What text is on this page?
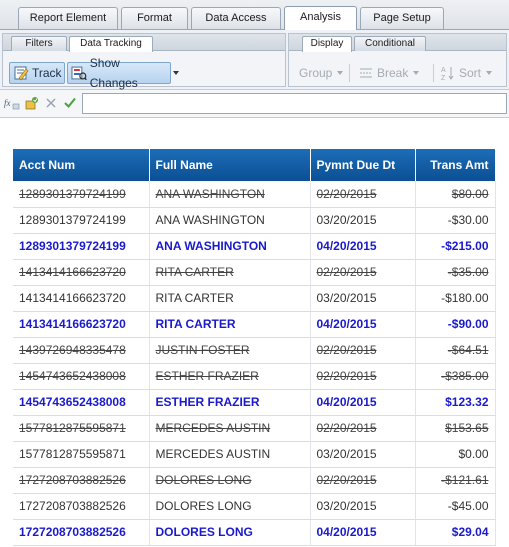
Report Element	Format	Data Access	Analysis	Page Setup
Filters	Data Tracking
Track
Show Changes
Display	Conditional
Group	Break	A
Z Sort
fx
Acct Num	Full Name	Pymnt Due Dt	Trans Amt
1289301379724199	ANA WASHINGTON	02/20/2015	$80.00
1289301379724199	ANA WASHINGTON	03/20/2015	-$30.00
1289301379724199	ANA WASHINGTON	04/20/2015	-$215.00
1413414166623720	RITA CARTER	02/20/2015	-$35.00
1413414166623720	RITA CARTER	03/20/2015	-$180.00
1413414166623720	RITA CARTER	04/20/2015	-$90.00
1439726948335478	JUSTIN FOSTER	02/20/2015	-$64.51
1454743652438008	ESTHER FRAZIER	02/20/2015	-$385.00
1454743652438008	ESTHER FRAZIER	04/20/2015	$123.32
1577812875595871	MERCEDES AUSTIN	02/20/2015	$153.65
1577812875595871	MERCEDES AUSTIN	03/20/2015	$0.00
1727208703882526	DOLORES LONG	02/20/2015	-$121.61
1727208703882526	DOLORES LONG	03/20/2015	-$45.00
1727208703882526	DOLORES LONG	04/20/2015	$29.04
